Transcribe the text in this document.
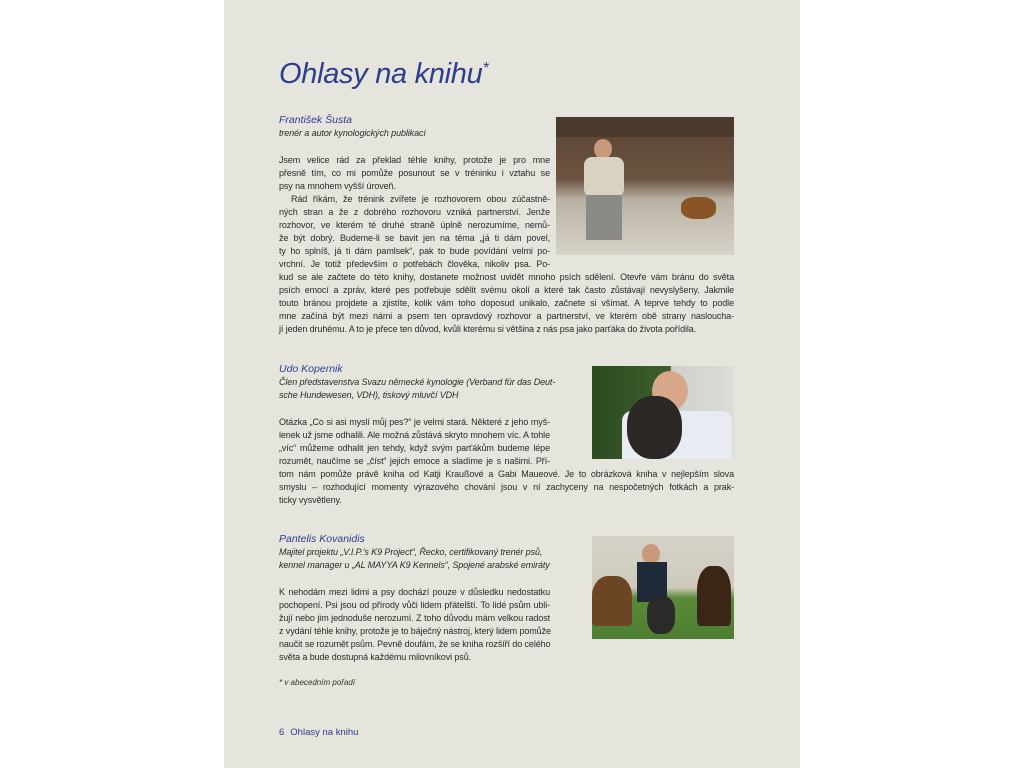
Ohlasy na knihu*
František Šusta
trenér a autor kynologických publikací
Jsem velice rád za překlad téhle knihy, protože je pro mne
přesně tím, co mi pomůže posunout se v tréninku i vztahu se
psy na mnohem vyšší úroveň.
Rád říkám, že trénink zvířete je rozhovorem obou zúčastně-
ných stran a že z dobrého rozhovoru vzniká partnerství. Jenže
rozhovor, ve kterém té druhé straně úplně nerozumíme, nemů-
že být dobrý. Budeme-li se bavit jen na téma „já ti dám povel,
ty ho splníš, já ti dám pamlsek“, pak to bude povídání velmi po-
vrchní. Je totiž především o potřebách člověka, nikoliv psa. Po-
kud se ale začtete do této knihy, dostanete možnost uvidět mnoho psích sdělení. Otevře vám bránu do světa
psích emocí a zpráv, které pes potřebuje sdělit svému okolí a které tak často zůstávají nevyslyšeny. Jakmile
touto bránou projdete a zjistíte, kolik vám toho doposud unikalo, začnete si všímat. A teprve tehdy to podle
mne začíná být mezi námi a psem ten opravdový rozhovor a partnerství, ve kterém obě strany naslouchа-
jí jeden druhému. A to je přece ten důvod, kvůli kterému si většina z nás psa jako parťáka do života pořídila.
Udo Kopernik
Člen představenstva Svazu německé kynologie (Verband für das Deut-
sche Hundewesen, VDH), tiskový mluvčí VDH
Otázka „Co si asi myslí můj pes?“ je velmi stará. Některé z jeho myš-
lenek už jsme odhalili. Ale možná zůstává skryto mnohem víc. A tohle
„víc“ můžeme odhalit jen tehdy, když svým parťákům budeme lépe
rozumět, naučíme se „číst“ jejich emoce a sladíme je s našimi. Pří-
tom nám pomůže právě kniha od Katji Kraußové a Gabi Maueové. Je to obrázková kniha v nejlepším slova
smyslu – rozhodující momenty výrazového chování jsou v ní zachyceny na nespočetných fotkách a prak-
ticky vysvětleny.
Pantelis Kovanidis
Majitel projektu „V.I.P.'s K9 Project“, Řecko, certifikovaný trenér psů,
kennel manager u „AL MAYYA K9 Kennels“, Spojené arabské emiráty
K nehodám mezi lidmi a psy dochází pouze v důsledku nedostatku
pochopení. Psi jsou od přírody vůči lidem přátelští. To lidé psům ubli-
žují nebo jim jednoduše nerozumí. Z toho důvodu mám velkou radost
z vydání téhle knihy, protože je to báječný nástroj, který lidem pomůže
naučit se rozumět psům. Pevně doufám, že se kniha rozšíří do celého
světa a bude dostupná každému milovníkovi psů.
* v abecedním pořadí
6 Ohlasy na knihu
